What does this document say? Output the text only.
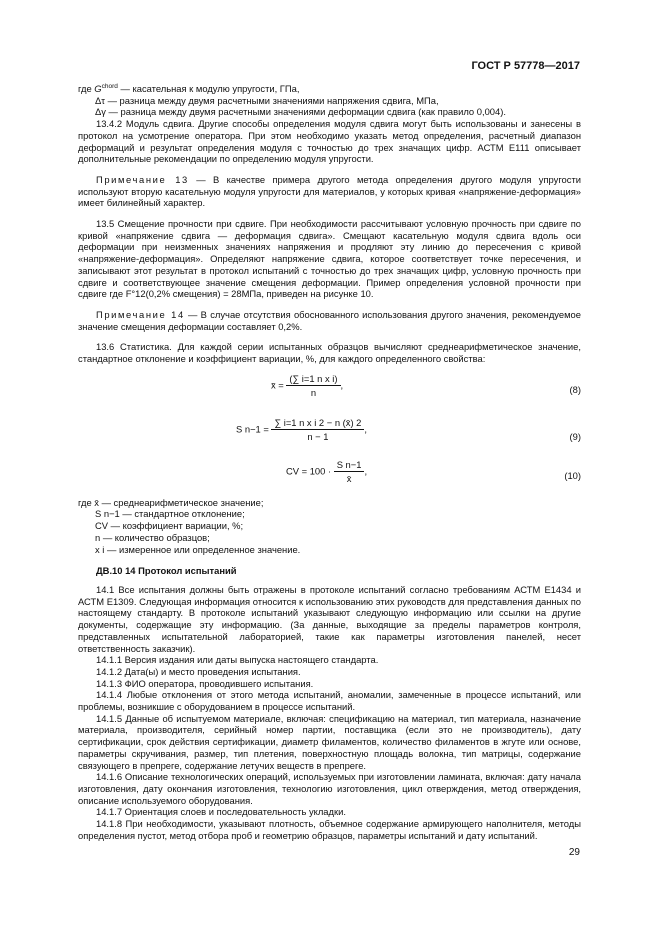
ГОСТ Р 57778—2017

где $G^{chord}$ — касательная к модулю упругости, ГПа,

Δτ — разница между двумя расчетными значениями напряжения сдвига, МПа,

Δγ — разница между двумя расчетными значениями деформации сдвига (как правило 0,004).

13.4.2 Модуль сдвига. Другие способы определения модуля сдвига могут быть использованы и занесены в протокол на усмотрение оператора. При этом необходимо указать метод определения, расчетный диапазон деформаций и результат определения модуля с точностью до трех значащих цифр. АСТМ E111 описывает дополнительные рекомендации по определению модуля упругости.

Примечание 13 — В качестве примера другого метода определения другого модуля упругости используют вторую касательную модуля упругости для материалов, у которых кривая «напряжение-деформация» имеет билинейный характер.

13.5 Смещение прочности при сдвиге. При необходимости рассчитывают условную прочность при сдвиге по кривой «напряжение сдвига — деформация сдвига». Смещают касательную модуля сдвига вдоль оси деформации при неизменных значениях напряжения и продляют эту линию до пересечения с кривой «напряжение-деформация». Определяют напряжение сдвига, которое соответствует точке пересечения, и записывают этот результат в протокол испытаний с точностью до трех значащих цифр, условную прочность при сдвиге и соответствующее значение смещения деформации. Пример определения условной прочности при сдвиге где F°12(0,2% смещения) = 28МПа, приведен на рисунке 10.

Примечание 14 — В случае отсутствия обоснованного использования другого значения, рекомендуемое значение смещения деформации составляет 0,2%.

13.6 Статистика. Для каждой серии испытанных образцов вычисляют среднеарифметическое значение, стандартное отклонение и коэффициент вариации, %, для каждого определенного свойства:

x̄ = $\frac{\text{(∑ i=1 n x i)}}{n}$ ,	(8)
S $n-1 = \frac{\text{∑ i=1 n x i 2 − n (x̄) 2}}{n - 1}$ ,
(9)
CV = $100 \cdot \frac{\text{S n−1}}{x̄}$ ,	(10)

где x̄ — среднеарифметическое значение;

S n−1 — стандартное отклонение;

CV — коэффициент вариации, %;

n — количество образцов;

x i — измеренное или определенное значение.

ДВ.10 14 Протокол испытаний

14.1 Все испытания должны быть отражены в протоколе испытаний согласно требованиям АСТМ E1434 и АСТМ E1309. Следующая информация относится к использованию этих руководств для представления данных по настоящему стандарту. В протоколе испытаний указывают следующую информацию или ссылки на другие документы, содержащие эту информацию. (За данные, выходящие за пределы параметров контроля, представленных испытательной лабораторией, такие как параметры изготовления панелей, несет ответственность заказчик).

14.1.1 Версия издания или даты выпуска настоящего стандарта.

14.1.2 Дата(ы) и место проведения испытания.

14.1.3 ФИО оператора, проводившего испытания.

14.1.4 Любые отклонения от этого метода испытаний, аномалии, замеченные в процессе испытаний, или проблемы, возникшие с оборудованием в процессе испытаний.

14.1.5 Данные об испытуемом материале, включая: спецификацию на материал, тип материала, назначение материала, производителя, серийный номер партии, поставщика (если это не производитель), дату сертификации, срок действия сертификации, диаметр филаментов, количество филаментов в жгуте или основе, параметры скручивания, размер, тип плетения, поверхностную площадь волокна, тип матрицы, содержание связующего в препреге, содержание летучих веществ в препреге.

14.1.6 Описание технологических операций, используемых при изготовлении ламината, включая: дату начала изготовления, дату окончания изготовления, технологию изготовления, цикл отверждения, метод отверждения, описание используемого оборудования.

14.1.7 Ориентация слоев и последовательность укладки.

14.1.8 При необходимости, указывают плотность, объемное содержание армирующего наполнителя, методы определения пустот, метод отбора проб и геометрию образцов, параметры испытаний и дату испытаний.

29
